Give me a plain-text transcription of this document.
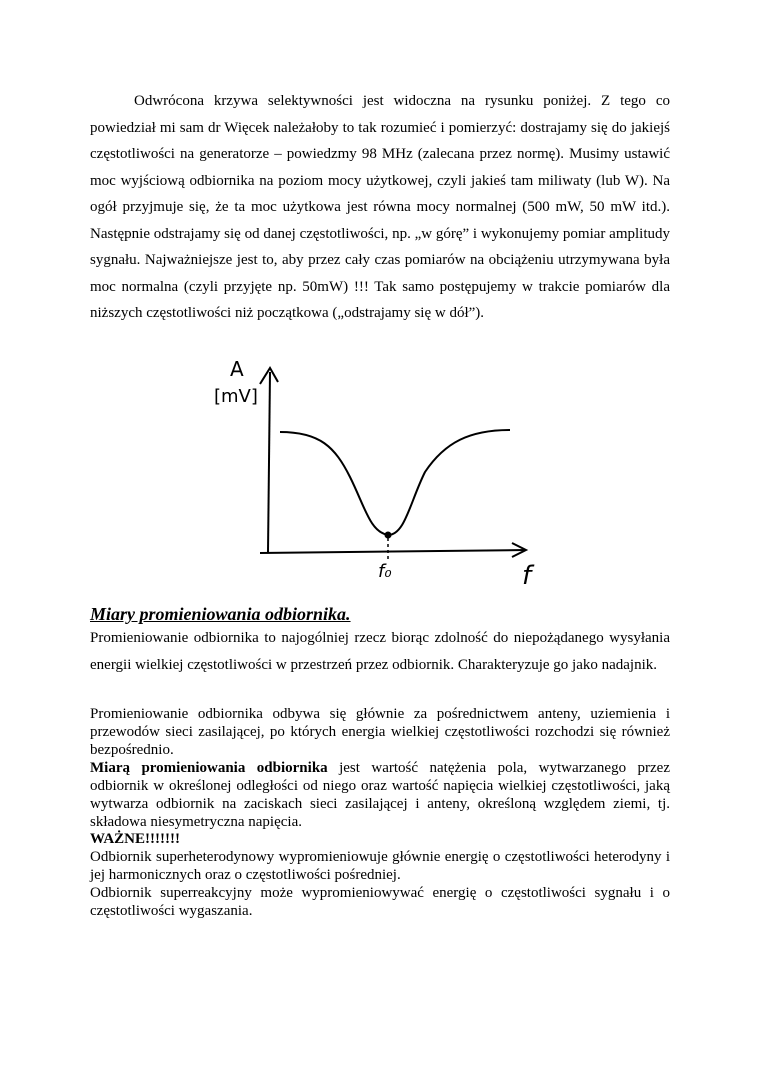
Odwrócona krzywa selektywności jest widoczna na rysunku poniżej. Z tego co powiedział mi sam dr Więcek należałoby to tak rozumieć i pomierzyć: dostrajamy się do jakiejś częstotliwości na generatorze – powiedzmy 98 MHz (zalecana przez normę). Musimy ustawić moc wyjściową odbiornika na poziom mocy użytkowej, czyli jakieś tam miliwaty (lub W). Na ogół przyjmuje się, że ta moc użytkowa jest równa mocy normalnej (500 mW, 50 mW itd.). Następnie odstrajamy się od danej częstotliwości, np. „w górę” i wykonujemy pomiar amplitudy sygnału. Najważniejsze jest to, aby przez cały czas pomiarów na obciążeniu utrzymywana była moc normalna (czyli przyjęte np. 50mW) !!! Tak samo postępujemy w trakcie pomiarów dla niższych częstotliwości niż początkowa („odstrajamy się w dół”).
A
[mV]
f
f₀
Miary promieniowania odbiornika.
Promieniowanie odbiornika to najogólniej rzecz biorąc zdolność do niepożądanego wysyłania energii wielkiej częstotliwości w przestrzeń przez odbiornik. Charakteryzuje go jako nadajnik.
Promieniowanie odbiornika odbywa się głównie za pośrednictwem anteny, uziemienia i przewodów sieci zasilającej, po których energia wielkiej częstotliwości rozchodzi się również bezpośrednio.
Miarą promieniowania odbiornika jest wartość natężenia pola, wytwarzanego przez odbiornik w określonej odległości od niego oraz wartość napięcia wielkiej częstotliwości, jaką wytwarza odbiornik na zaciskach sieci zasilającej i anteny, określoną względem ziemi, tj. składowa niesymetryczna napięcia.
WAŻNE!!!!!!!
Odbiornik superheterodynowy wypromieniowuje głównie energię o częstotliwości heterodyny i jej harmonicznych oraz o częstotliwości pośredniej.
Odbiornik superreakcyjny może wypromieniowywać energię o częstotliwości sygnału i o częstotliwości wygaszania.
